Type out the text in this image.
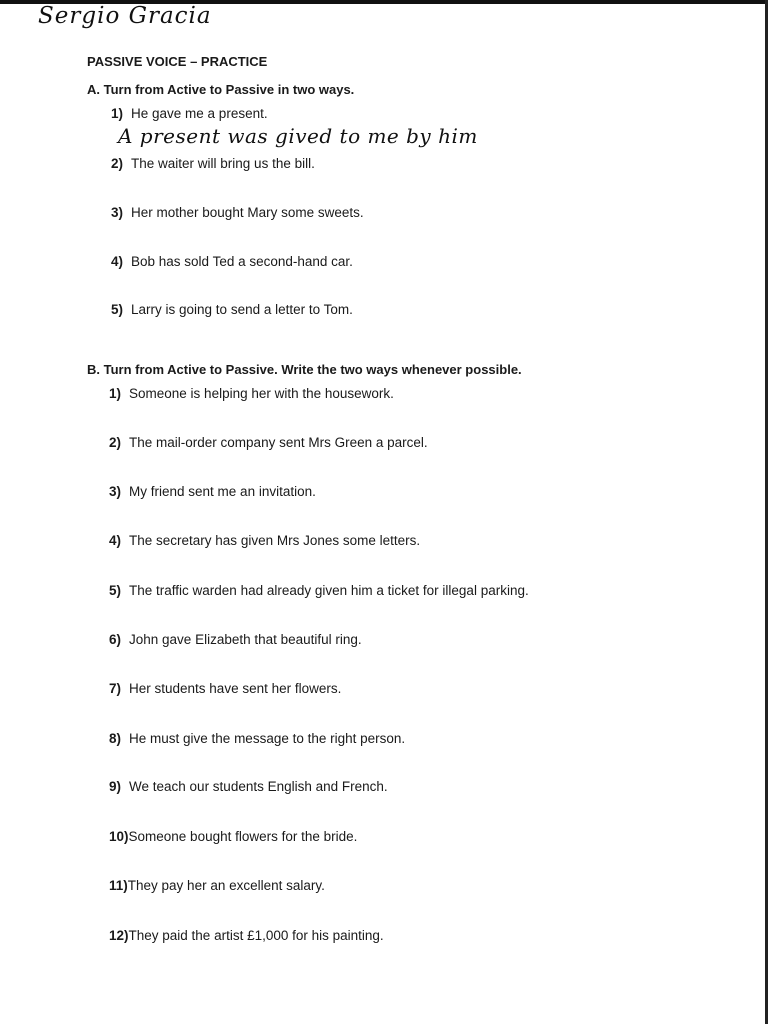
Sergio Gracia
PASSIVE VOICE – PRACTICE
A. Turn from Active to Passive in two ways.
1) He gave me a present.
A present was gived to me by him
2) The waiter will bring us the bill.
3) Her mother bought Mary some sweets.
4) Bob has sold Ted a second-hand car.
5) Larry is going to send a letter to Tom.
B. Turn from Active to Passive. Write the two ways whenever possible.
1) Someone is helping her with the housework.
2) The mail-order company sent Mrs Green a parcel.
3) My friend sent me an invitation.
4) The secretary has given Mrs Jones some letters.
5) The traffic warden had already given him a ticket for illegal parking.
6) John gave Elizabeth that beautiful ring.
7) Her students have sent her flowers.
8) He must give the message to the right person.
9) We teach our students English and French.
10) Someone bought flowers for the bride.
11) They pay her an excellent salary.
12) They paid the artist £1,000 for his painting.
